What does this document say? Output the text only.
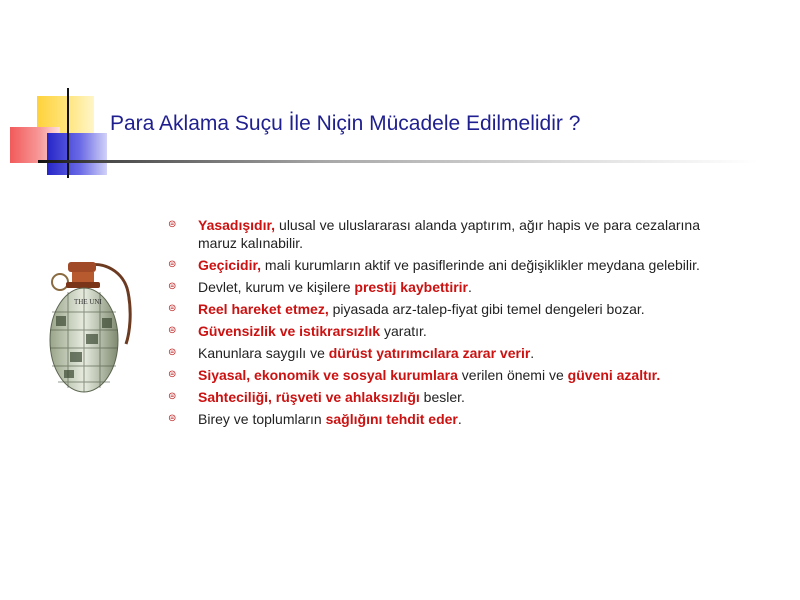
Para Aklama Suçu İle Niçin Mücadele Edilmelidir ?
THE UNI
⊜ Yasadışıdır, ulusal ve uluslararası alanda yaptırım, ağır hapis ve para cezalarına maruz kalınabilir.
⊜ Geçicidir, mali kurumların aktif ve pasiflerinde ani değişiklikler meydana gelebilir.
⊜ Devlet, kurum ve kişilere prestij kaybettirir.
⊜ Reel hareket etmez, piyasada arz-talep-fiyat gibi temel dengeleri bozar.
⊜ Güvensizlik ve istikrarsızlık yaratır.
⊜ Kanunlara saygılı ve dürüst yatırımcılara zarar verir.
⊜ Siyasal, ekonomik ve sosyal kurumlara verilen önemi ve güveni azaltır.
⊜ Sahteciliği, rüşveti ve ahlaksızlığı besler.
⊜ Birey ve toplumların sağlığını tehdit eder.
